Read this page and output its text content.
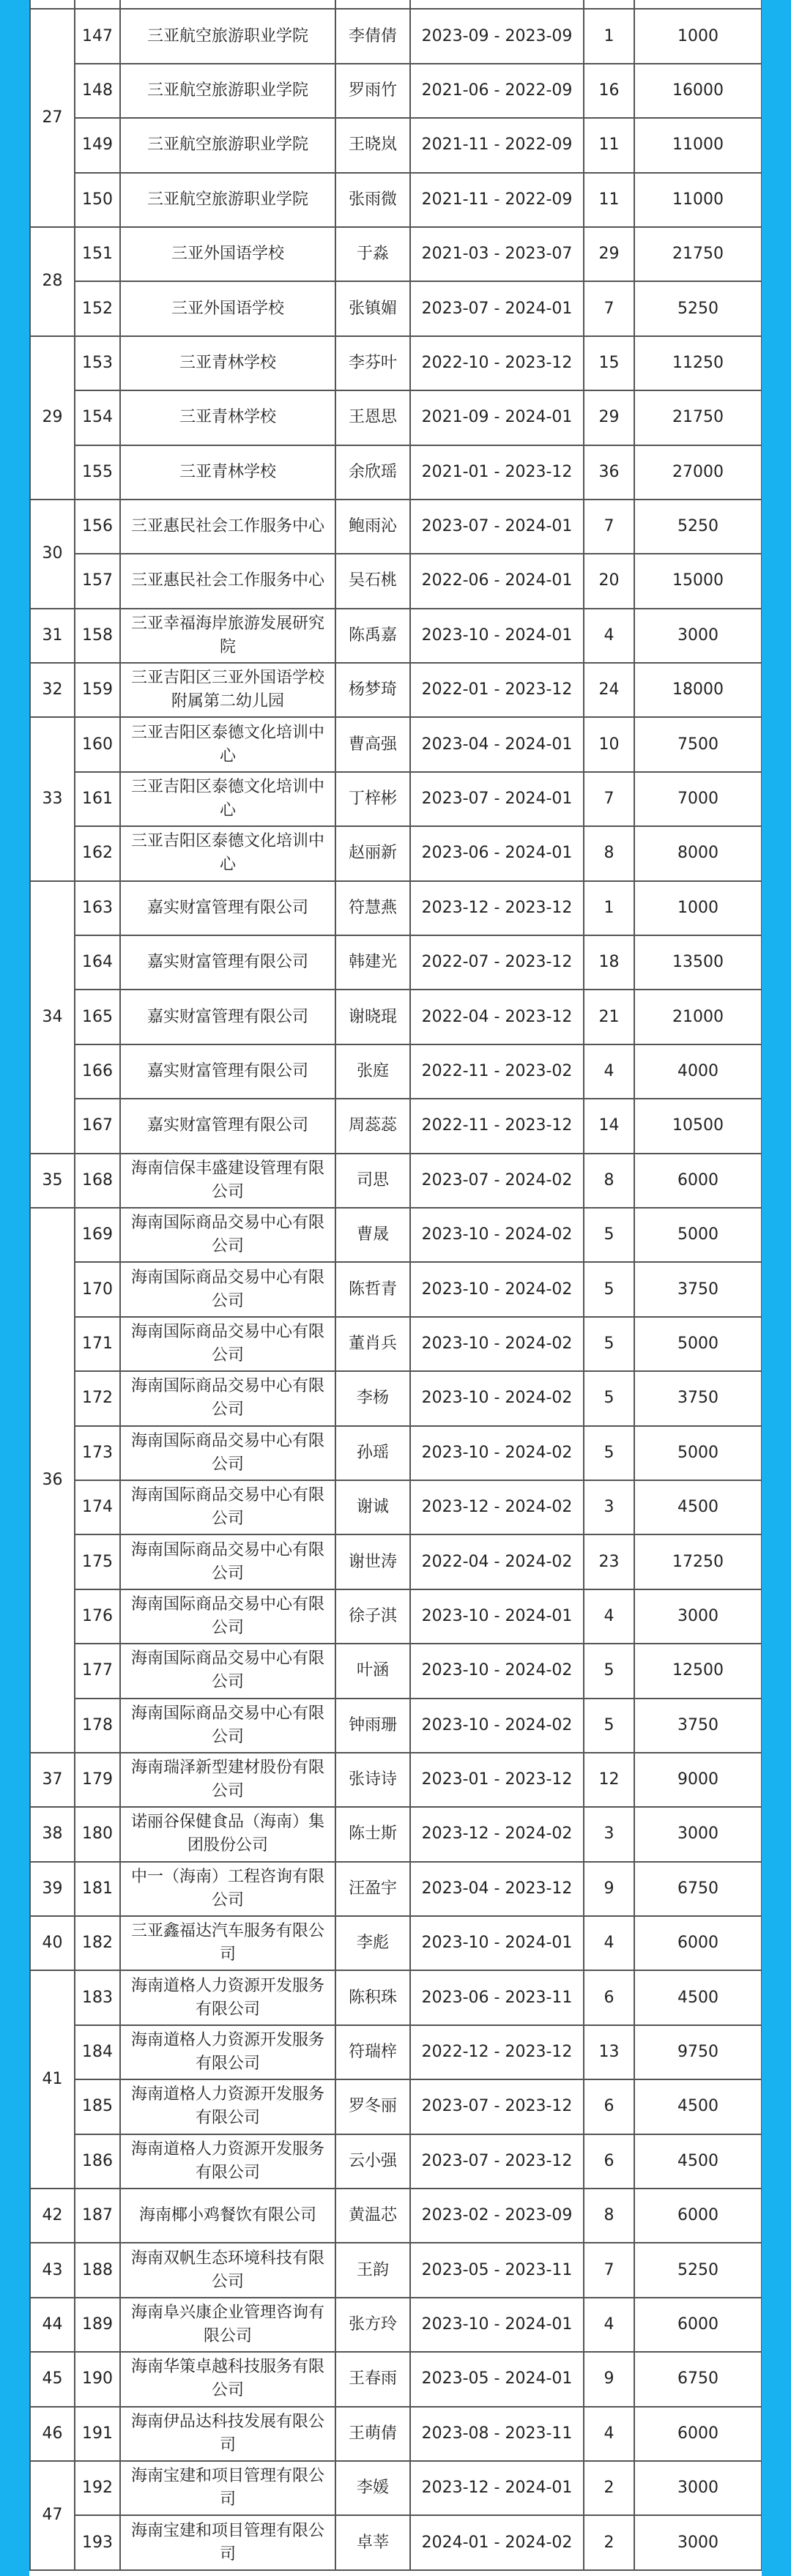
27	147	三亚航空旅游职业学院	李倩倩	2023-09 - 2023-09	1	1000
	148	三亚航空旅游职业学院	罗雨竹	2021-06 - 2022-09	16	16000
	149	三亚航空旅游职业学院	王晓岚	2021-11 - 2022-09	11	11000
	150	三亚航空旅游职业学院	张雨微	2021-11 - 2022-09	11	11000
28	151	三亚外国语学校	于淼	2021-03 - 2023-07	29	21750
	152	三亚外国语学校	张镇媚	2023-07 - 2024-01	7	5250
29	153	三亚青林学校	李芬叶	2022-10 - 2023-12	15	11250
	154	三亚青林学校	王恩思	2021-09 - 2024-01	29	21750
	155	三亚青林学校	余欣瑶	2021-01 - 2023-12	36	27000
30	156	三亚惠民社会工作服务中心	鲍雨沁	2023-07 - 2024-01	7	5250
	157	三亚惠民社会工作服务中心	吴石桃	2022-06 - 2024-01	20	15000
31	158	三亚幸福海岸旅游发展研究院	陈禹嘉	2023-10 - 2024-01	4	3000
32	159	三亚吉阳区三亚外国语学校附属第二幼儿园	杨梦琦	2022-01 - 2023-12	24	18000
33	160	三亚吉阳区泰德文化培训中心	曹高强	2023-04 - 2024-01	10	7500
	161	三亚吉阳区泰德文化培训中心	丁梓彬	2023-07 - 2024-01	7	7000
	162	三亚吉阳区泰德文化培训中心	赵丽新	2023-06 - 2024-01	8	8000
34	163	嘉实财富管理有限公司	符慧燕	2023-12 - 2023-12	1	1000
	164	嘉实财富管理有限公司	韩建光	2022-07 - 2023-12	18	13500
	165	嘉实财富管理有限公司	谢晓琨	2022-04 - 2023-12	21	21000
	166	嘉实财富管理有限公司	张庭	2022-11 - 2023-02	4	4000
	167	嘉实财富管理有限公司	周蕊蕊	2022-11 - 2023-12	14	10500
35	168	海南信保丰盛建设管理有限公司	司思	2023-07 - 2024-02	8	6000
36	169	海南国际商品交易中心有限公司	曹晟	2023-10 - 2024-02	5	5000
	170	海南国际商品交易中心有限公司	陈哲青	2023-10 - 2024-02	5	3750
	171	海南国际商品交易中心有限公司	董肖兵	2023-10 - 2024-02	5	5000
	172	海南国际商品交易中心有限公司	李杨	2023-10 - 2024-02	5	3750
	173	海南国际商品交易中心有限公司	孙瑶	2023-10 - 2024-02	5	5000
	174	海南国际商品交易中心有限公司	谢诚	2023-12 - 2024-02	3	4500
	175	海南国际商品交易中心有限公司	谢世涛	2022-04 - 2024-02	23	17250
	176	海南国际商品交易中心有限公司	徐子淇	2023-10 - 2024-01	4	3000
	177	海南国际商品交易中心有限公司	叶涵	2023-10 - 2024-02	5	12500
	178	海南国际商品交易中心有限公司	钟雨珊	2023-10 - 2024-02	5	3750
37	179	海南瑞泽新型建材股份有限公司	张诗诗	2023-01 - 2023-12	12	9000
38	180	诺丽谷保健食品（海南）集团股份公司	陈士斯	2023-12 - 2024-02	3	3000
39	181	中一（海南）工程咨询有限公司	汪盈宇	2023-04 - 2023-12	9	6750
40	182	三亚鑫福达汽车服务有限公司	李彪	2023-10 - 2024-01	4	6000
41	183	海南道格人力资源开发服务有限公司	陈积珠	2023-06 - 2023-11	6	4500
	184	海南道格人力资源开发服务有限公司	符瑞梓	2022-12 - 2023-12	13	9750
	185	海南道格人力资源开发服务有限公司	罗冬丽	2023-07 - 2023-12	6	4500
	186	海南道格人力资源开发服务有限公司	云小强	2023-07 - 2023-12	6	4500
42	187	海南椰小鸡餐饮有限公司	黄温芯	2023-02 - 2023-09	8	6000
43	188	海南双帆生态环境科技有限公司	王韵	2023-05 - 2023-11	7	5250
44	189	海南阜兴康企业管理咨询有限公司	张方玲	2023-10 - 2024-01	4	6000
45	190	海南华策卓越科技服务有限公司	王春雨	2023-05 - 2024-01	9	6750
46	191	海南伊品达科技发展有限公司	王萌倩	2023-08 - 2023-11	4	6000
47	192	海南宝建和项目管理有限公司	李媛	2023-12 - 2024-01	2	3000
	193	海南宝建和项目管理有限公司	卓莘	2024-01 - 2024-02	2	3000
